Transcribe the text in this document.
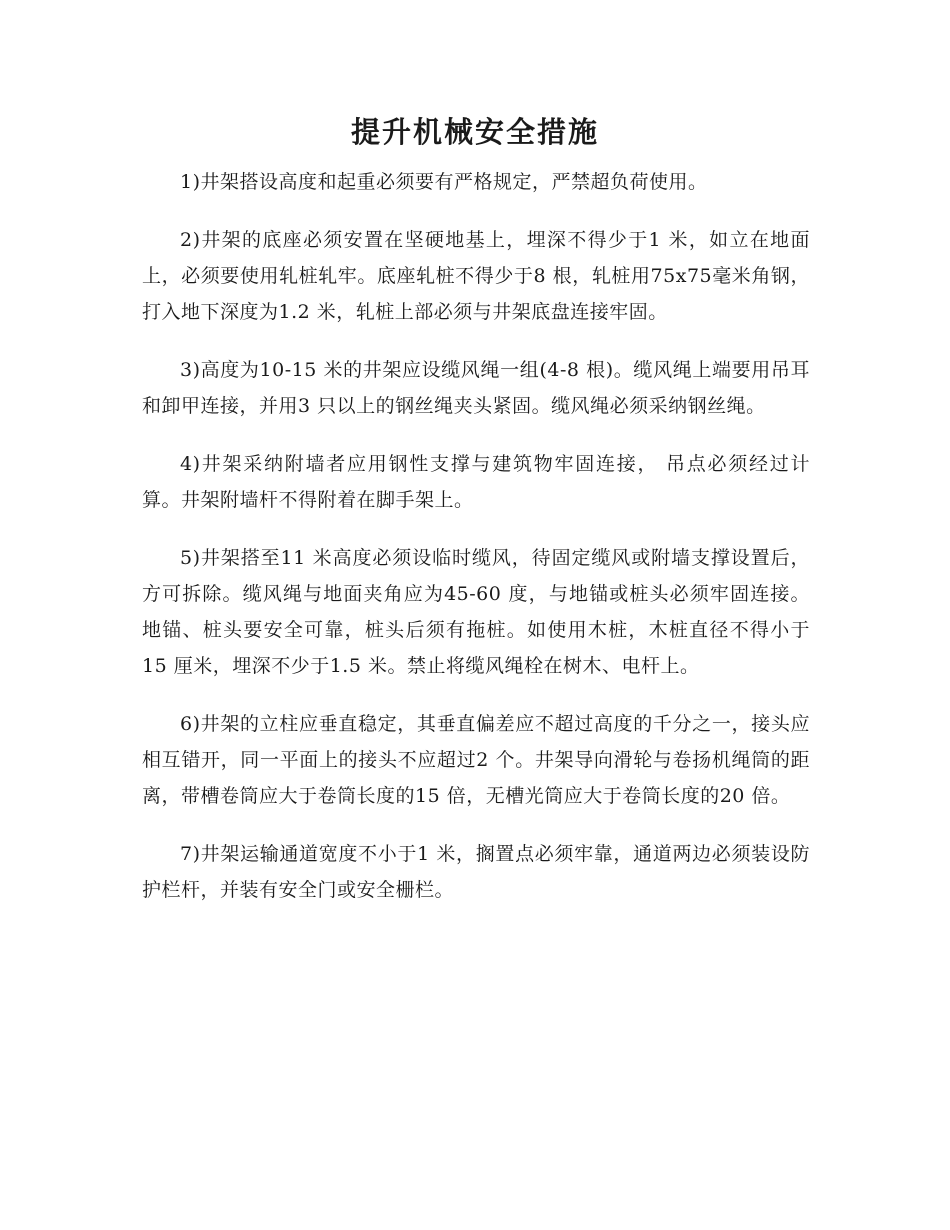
提升机械安全措施

1)井架搭设高度和起重必须要有严格规定，严禁超负荷使用。

2)井架的底座必须安置在坚硬地基上，埋深不得少于1 米，如立在地面上，必须要使用轧桩轧牢。底座轧桩不得少于8 根，轧桩用75x75毫米角钢，打入地下深度为1.2 米，轧桩上部必须与井架底盘连接牢固。

3)高度为10-15 米的井架应设缆风绳一组(4-8 根)。缆风绳上端要用吊耳和卸甲连接，并用3 只以上的钢丝绳夹头紧固。缆风绳必须采纳钢丝绳。

4)井架采纳附墙者应用钢性支撑与建筑物牢固连接， 吊点必须经过计算。井架附墙杆不得附着在脚手架上。

5)井架搭至11 米高度必须设临时缆风，待固定缆风或附墙支撑设置后，方可拆除。缆风绳与地面夹角应为45-60 度，与地锚或桩头必须牢固连接。地锚、桩头要安全可靠，桩头后须有拖桩。如使用木桩，木桩直径不得小于15 厘米，埋深不少于1.5 米。禁止将缆风绳栓在树木、电杆上。

6)井架的立柱应垂直稳定，其垂直偏差应不超过高度的千分之一，接头应相互错开，同一平面上的接头不应超过2 个。井架导向滑轮与卷扬机绳筒的距离，带槽卷筒应大于卷筒长度的15 倍，无槽光筒应大于卷筒长度的20 倍。

7)井架运输通道宽度不小于1 米，搁置点必须牢靠，通道两边必须装设防护栏杆，并装有安全门或安全栅栏。
